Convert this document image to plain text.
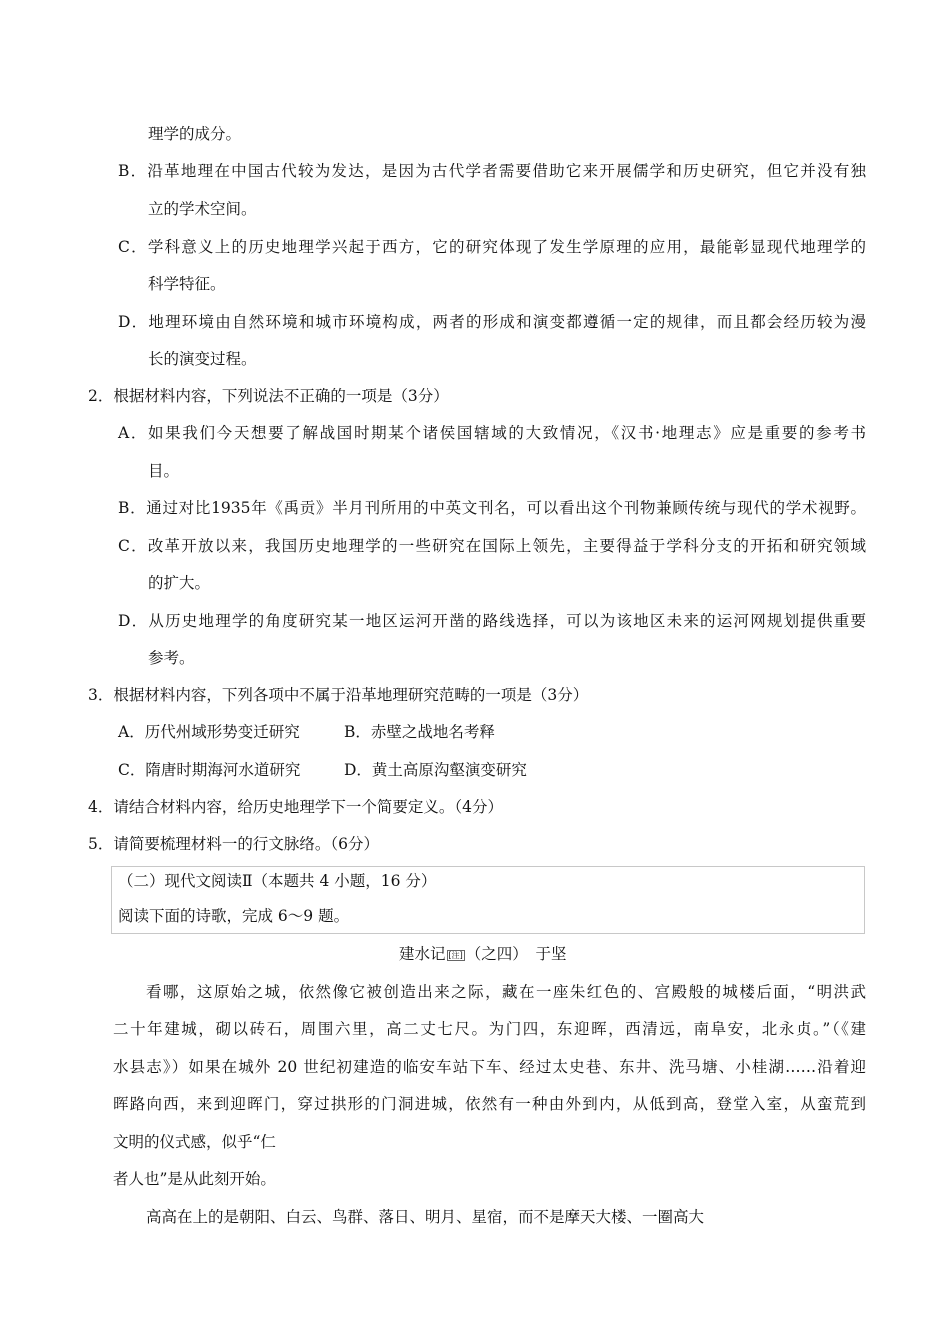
理学的成分。
B．沿革地理在中国古代较为发达，是因为古代学者需要借助它来开展儒学和历史研究，但它并没有独
立的学术空间。
C．学科意义上的历史地理学兴起于西方，它的研究体现了发生学原理的应用，最能彰显现代地理学的
科学特征。
D．地理环境由自然环境和城市环境构成，两者的形成和演变都遵循一定的规律，而且都会经历较为漫
长的演变过程。
2．根据材料内容，下列说法不正确的一项是（3分）
A．如果我们今天想要了解战国时期某个诸侯国辖域的大致情况，《汉书·地理志》应是重要的参考书
目。
B．通过对比1935年《禹贡》半月刊所用的中英文刊名，可以看出这个刊物兼顾传统与现代的学术视野。
C．改革开放以来，我国历史地理学的一些研究在国际上领先，主要得益于学科分支的开拓和研究领域
的扩大。
D．从历史地理学的角度研究某一地区运河开凿的路线选择，可以为该地区未来的运河网规划提供重要
参考。
3．根据材料内容，下列各项中不属于沿革地理研究范畴的一项是（3分）
A．历代州域形势变迁研究	B．赤壁之战地名考释
C．隋唐时期海河水道研究	D．黄土高原沟壑演变研究
4．请结合材料内容，给历史地理学下一个简要定义。（4分）
5．请简要梳理材料一的行文脉络。（6分）
（二）现代文阅读Ⅱ（本题共 4 小题，16 分）
阅读下面的诗歌，完成 6～9 题。
建水记 [注] （之四）　于坚
看哪，这原始之城，依然像它被创造出来之际，藏在一座朱红色的、宫殿般的城楼后面，“明洪武
二十年建城，砌以砖石，周围六里，高二丈七尺。为门四，东迎晖，西清远，南阜安，北永贞。”（《建
水县志》）如果在城外 20 世纪初建造的临安车站下车、经过太史巷、东井、洗马塘、小桂湖……沿着迎
晖路向西，来到迎晖门，穿过拱形的门洞进城，依然有一种由外到内，从低到高，登堂入室，从蛮荒到
文明的仪式感，似乎“仁
者人也”是从此刻开始。
高高在上的是朝阳、白云、鸟群、落日、明月、星宿，而不是摩天大楼、一圈高大
